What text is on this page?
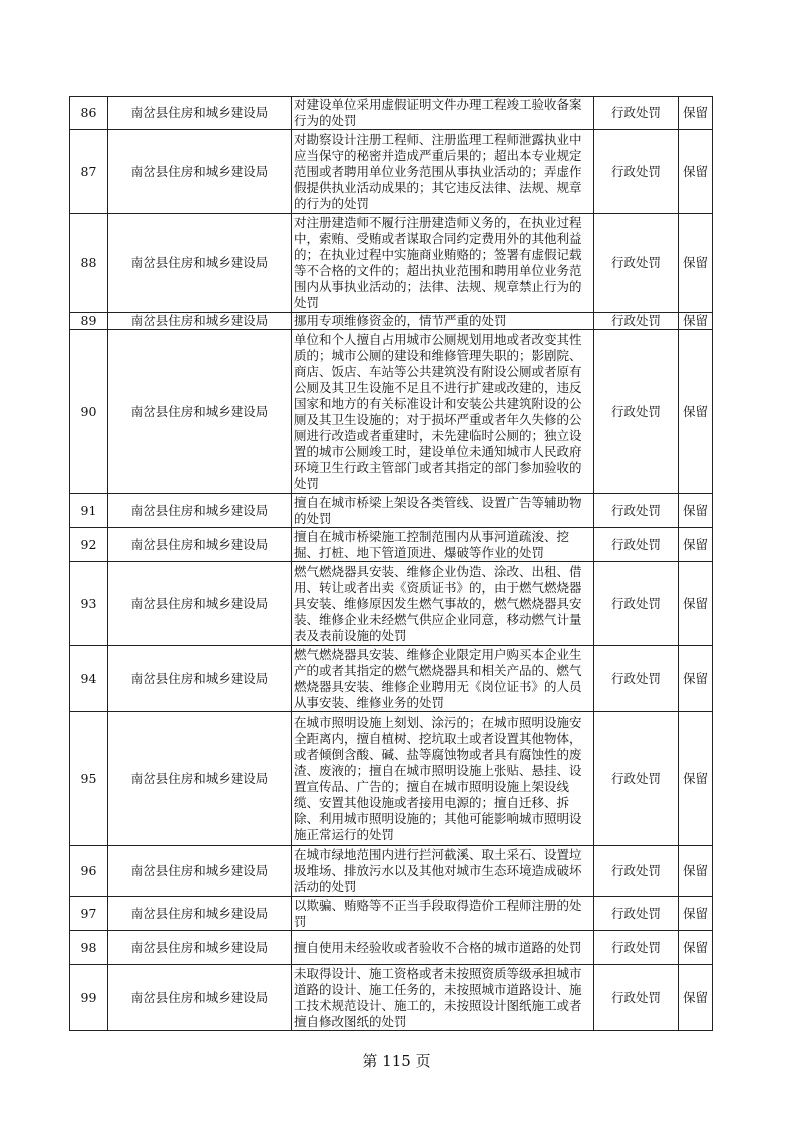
86	南岔县住房和城乡建设局	对建设单位采用虚假证明文件办理工程竣工验收备案行为的处罚	行政处罚	保留
87	南岔县住房和城乡建设局	对勘察设计注册工程师、注册监理工程师泄露执业中应当保守的秘密并造成严重后果的；超出本专业规定范围或者聘用单位业务范围从事执业活动的；弄虚作假提供执业活动成果的；其它违反法律、法规、规章的行为的处罚	行政处罚	保留
88	南岔县住房和城乡建设局	对注册建造师不履行注册建造师义务的，在执业过程中，索贿、受贿或者谋取合同约定费用外的其他利益的；在执业过程中实施商业贿赂的；签署有虚假记载等不合格的文件的；超出执业范围和聘用单位业务范围内从事执业活动的；法律、法规、规章禁止行为的处罚	行政处罚	保留
89	南岔县住房和城乡建设局	挪用专项维修资金的，情节严重的处罚	行政处罚	保留
90	南岔县住房和城乡建设局	单位和个人擅自占用城市公厕规划用地或者改变其性质的；城市公厕的建设和维修管理失职的；影剧院、商店、饭店、车站等公共建筑没有附设公厕或者原有公厕及其卫生设施不足且不进行扩建或改建的，违反国家和地方的有关标准设计和安装公共建筑附设的公厕及其卫生设施的；对于损坏严重或者年久失修的公厕进行改造或者重建时，未先建临时公厕的；独立设置的城市公厕竣工时，建设单位未通知城市人民政府环境卫生行政主管部门或者其指定的部门参加验收的处罚	行政处罚	保留
91	南岔县住房和城乡建设局	擅自在城市桥梁上架设各类管线、设置广告等辅助物的处罚	行政处罚	保留
92	南岔县住房和城乡建设局	擅自在城市桥梁施工控制范围内从事河道疏浚、挖掘、打桩、地下管道顶进、爆破等作业的处罚	行政处罚	保留
93	南岔县住房和城乡建设局	燃气燃烧器具安装、维修企业伪造、涂改、出租、借用、转让或者出卖《资质证书》的，由于燃气燃烧器具安装、维修原因发生燃气事故的，燃气燃烧器具安装、维修企业未经燃气供应企业同意，移动燃气计量表及表前设施的处罚	行政处罚	保留
94	南岔县住房和城乡建设局	燃气燃烧器具安装、维修企业限定用户购买本企业生产的或者其指定的燃气燃烧器具和相关产品的、燃气燃烧器具安装、维修企业聘用无《岗位证书》的人员从事安装、维修业务的处罚	行政处罚	保留
95	南岔县住房和城乡建设局	在城市照明设施上刻划、涂污的；在城市照明设施安全距离内，擅自植树、挖坑取土或者设置其他物体，或者倾倒含酸、碱、盐等腐蚀物或者具有腐蚀性的废渣、废液的；擅自在城市照明设施上张贴、悬挂、设置宣传品、广告的；擅自在城市照明设施上架设线缆、安置其他设施或者接用电源的；擅自迁移、拆除、利用城市照明设施的；其他可能影响城市照明设施正常运行的处罚	行政处罚	保留
96	南岔县住房和城乡建设局	在城市绿地范围内进行拦河截溪、取土采石、设置垃圾堆场、排放污水以及其他对城市生态环境造成破坏活动的处罚	行政处罚	保留
97	南岔县住房和城乡建设局	以欺骗、贿赂等不正当手段取得造价工程师注册的处罚	行政处罚	保留
98	南岔县住房和城乡建设局	擅自使用未经验收或者验收不合格的城市道路的处罚	行政处罚	保留
99	南岔县住房和城乡建设局	未取得设计、施工资格或者未按照资质等级承担城市道路的设计、施工任务的，未按照城市道路设计、施工技术规范设计、施工的，未按照设计图纸施工或者擅自修改图纸的处罚	行政处罚	保留
第 115 页
